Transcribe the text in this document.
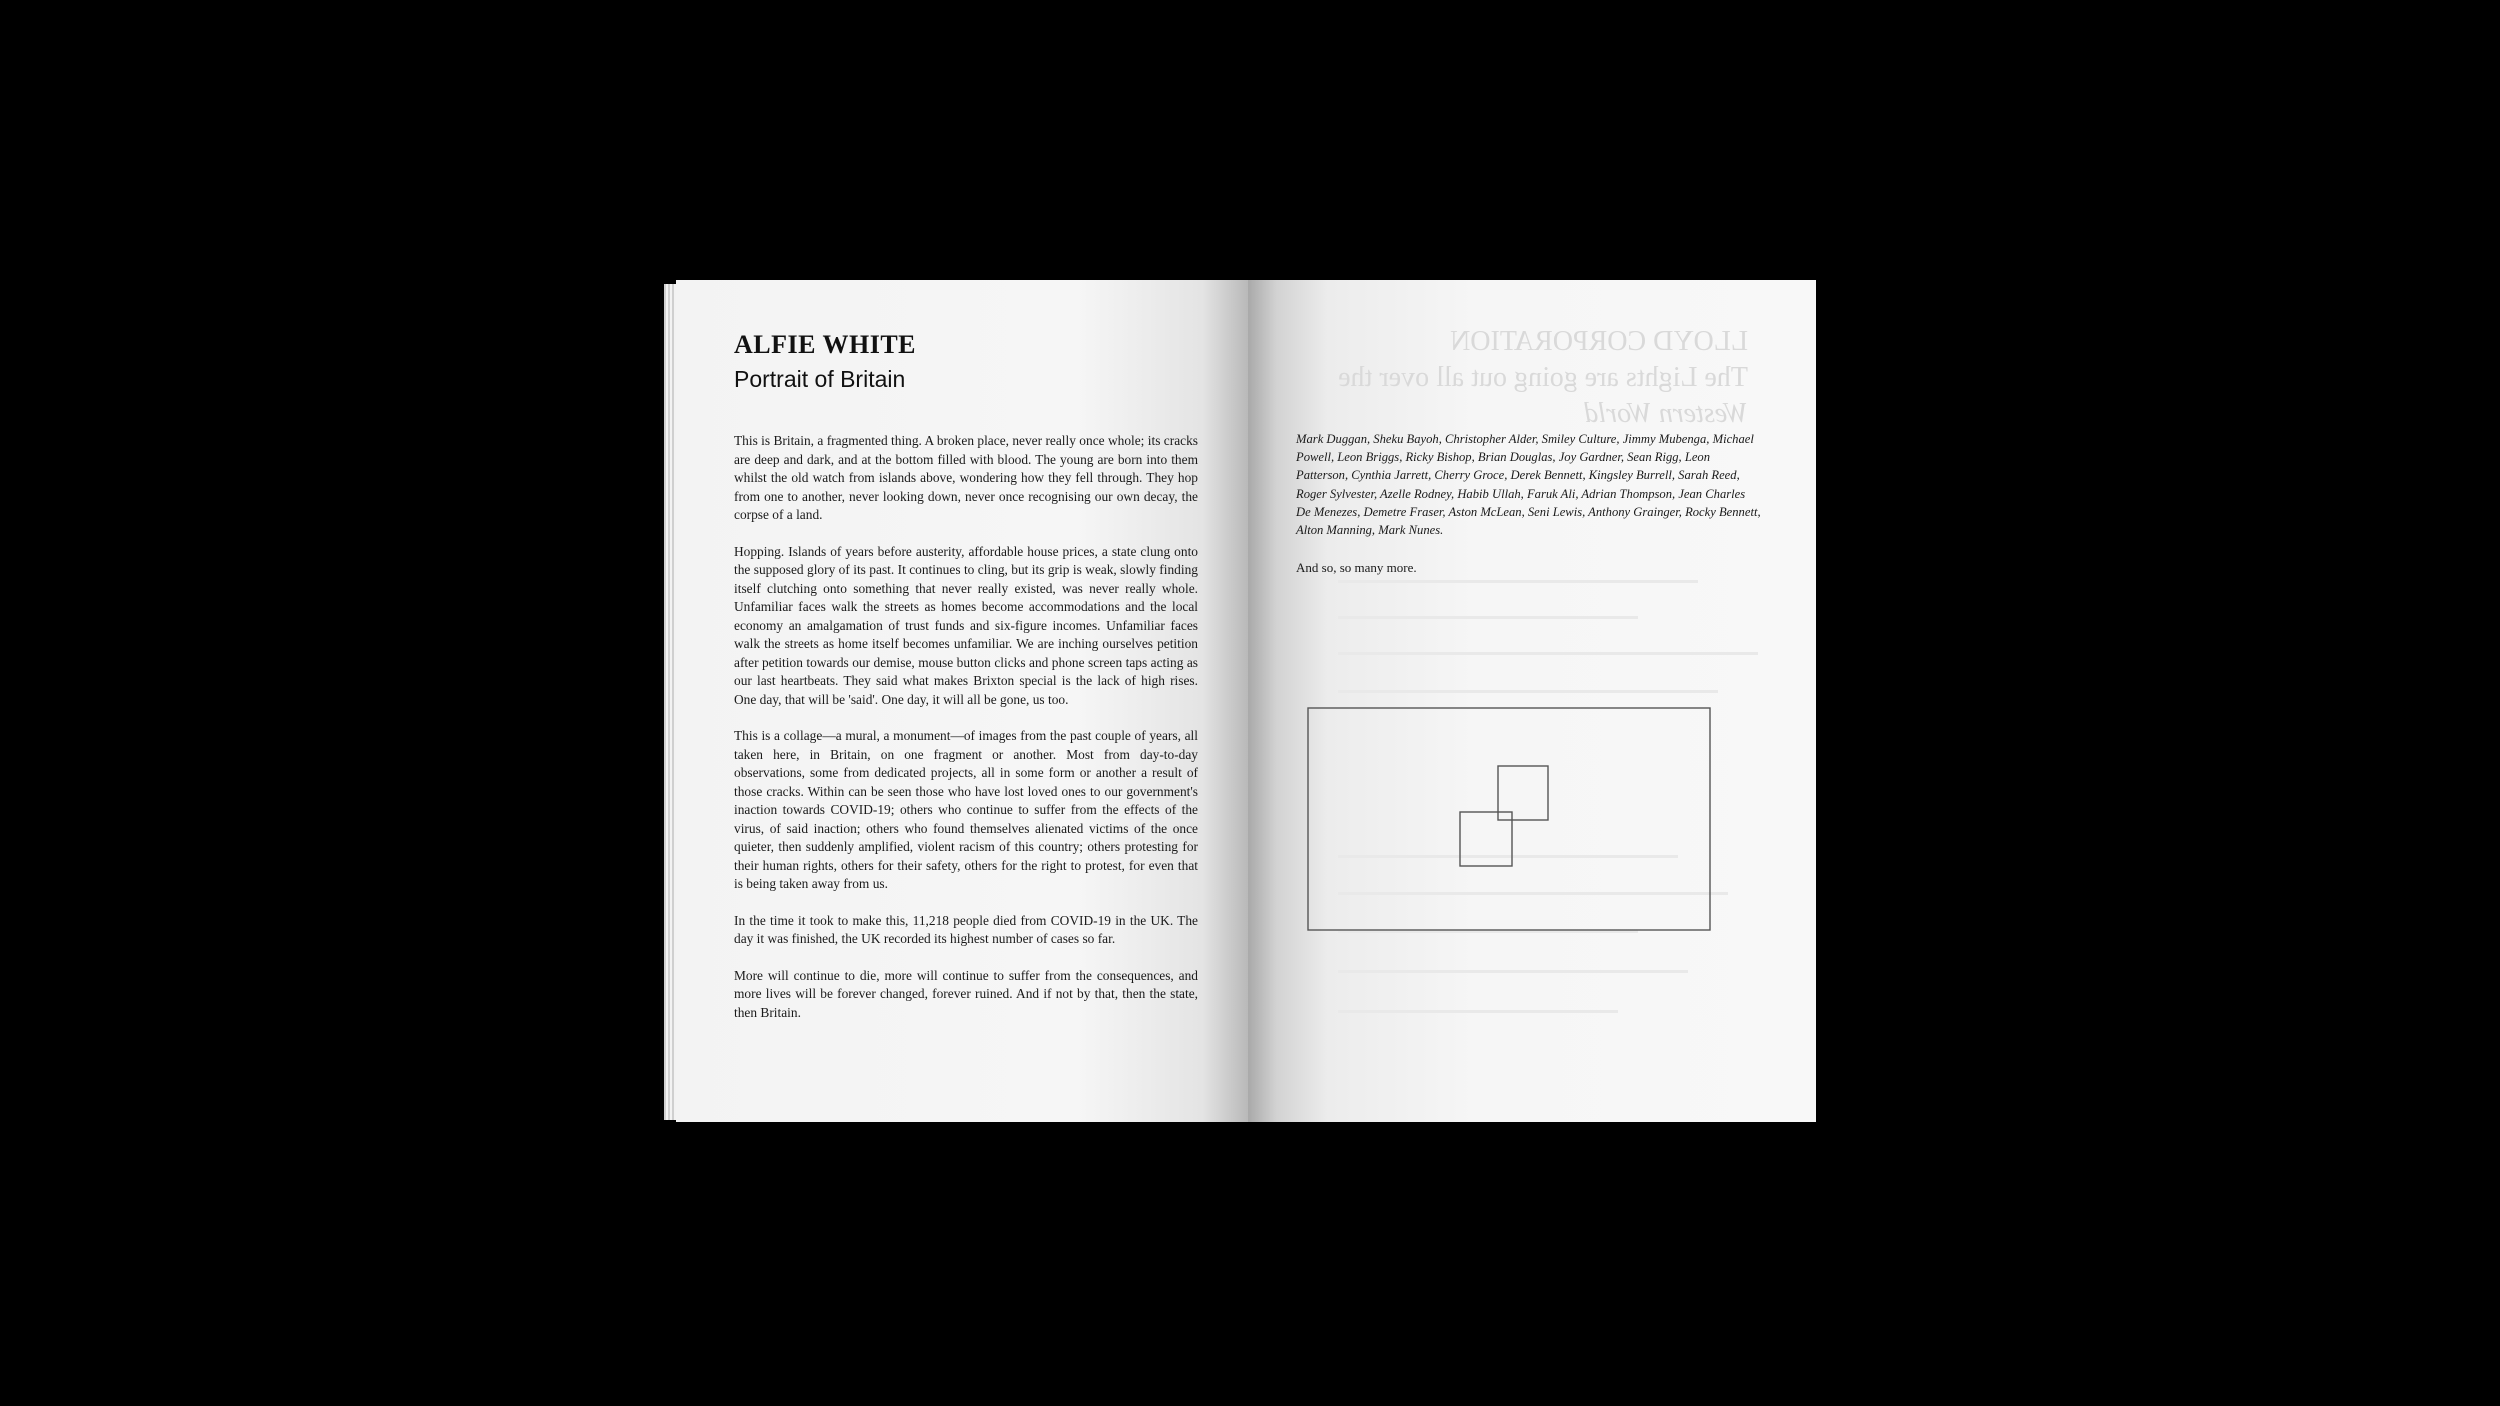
ALFIE WHITE
Portrait of Britain

This is Britain, a fragmented thing. A broken place, never really once whole; its cracks are deep and dark, and at the bottom filled with blood. The young are born into them whilst the old watch from islands above, wondering how they fell through. They hop from one to another, never looking down, never once recognising our own decay, the corpse of a land.

Hopping. Islands of years before austerity, affordable house prices, a state clung onto the supposed glory of its past. It continues to cling, but its grip is weak, slowly finding itself clutching onto something that never really existed, was never really whole. Unfamiliar faces walk the streets as homes become accommodations and the local economy an amalgamation of trust funds and six-figure incomes. Unfamiliar faces walk the streets as home itself becomes unfamiliar. We are inching ourselves petition after petition towards our demise, mouse button clicks and phone screen taps acting as our last heartbeats. They said what makes Brixton special is the lack of high rises. One day, that will be 'said'. One day, it will all be gone, us too.

This is a collage—a mural, a monument—of images from the past couple of years, all taken here, in Britain, on one fragment or another. Most from day-to-day observations, some from dedicated projects, all in some form or another a result of those cracks. Within can be seen those who have lost loved ones to our government's inaction towards COVID-19; others who continue to suffer from the effects of the virus, of said inaction; others who found themselves alienated victims of the once quieter, then suddenly amplified, violent racism of this country; others protesting for their human rights, others for their safety, others for the right to protest, for even that is being taken away from us.

In the time it took to make this, 11,218 people died from COVID-19 in the UK. The day it was finished, the UK recorded its highest number of cases so far.

More will continue to die, more will continue to suffer from the consequences, and more lives will be forever changed, forever ruined. And if not by that, then the state, then Britain.

LLOYD CORPORATION
The Lights are going out all over the
Western World

Mark Duggan, Sheku Bayoh, Christopher Alder, Smiley Culture, Jimmy Mubenga, Michael Powell, Leon Briggs, Ricky Bishop, Brian Douglas, Joy Gardner, Sean Rigg, Leon Patterson, Cynthia Jarrett, Cherry Groce, Derek Bennett, Kingsley Burrell, Sarah Reed, Roger Sylvester, Azelle Rodney, Habib Ullah, Faruk Ali, Adrian Thompson, Jean Charles De Menezes, Demetre Fraser, Aston McLean, Seni Lewis, Anthony Grainger, Rocky Bennett, Alton Manning, Mark Nunes.

And so, so many more.
